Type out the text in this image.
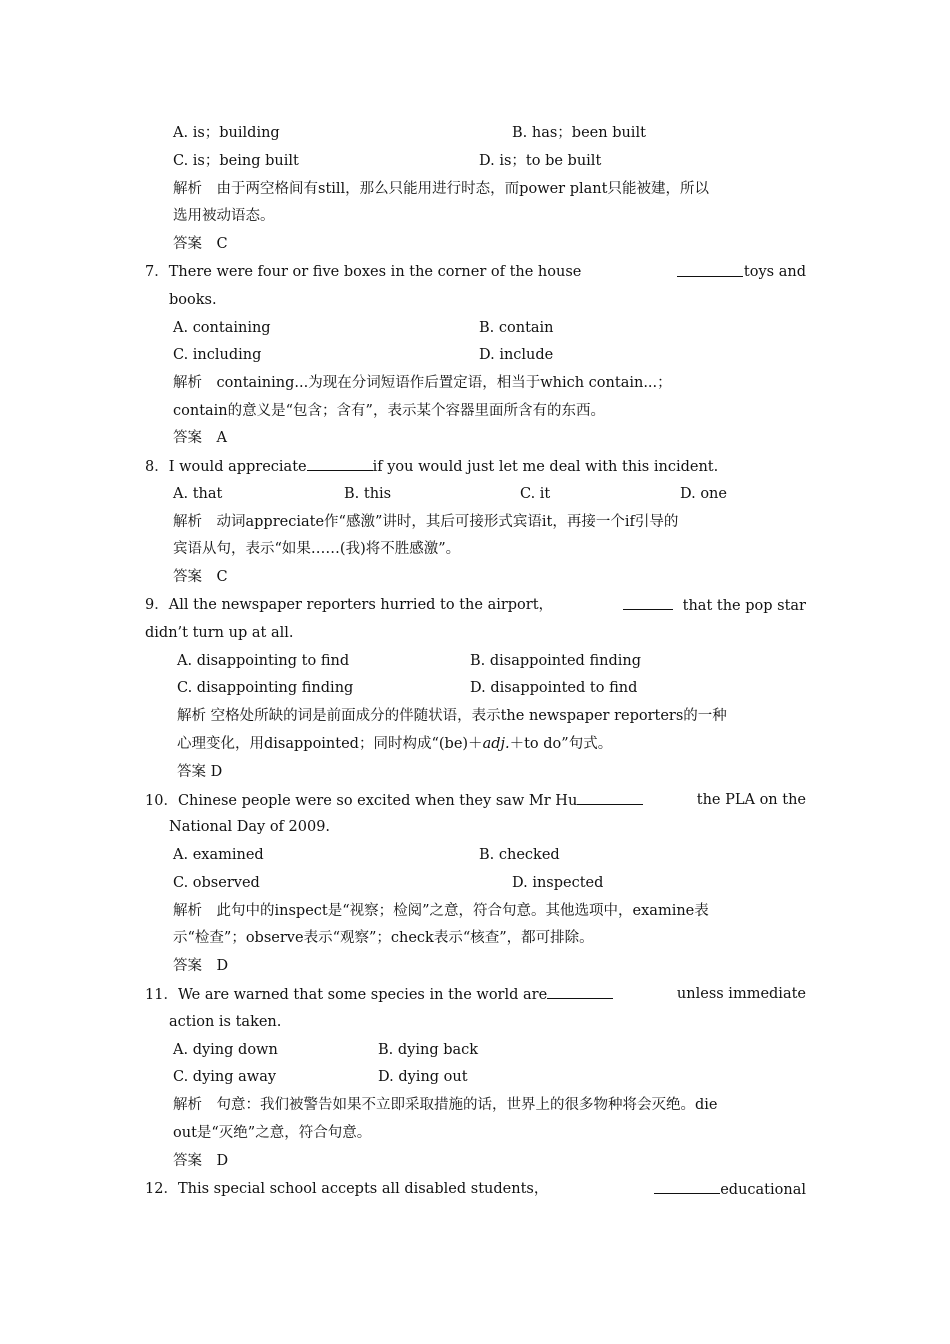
A. is；building	B. has；been built
C. is；being built	D. is；to be built
解析　由于两空格间有still，那么只能用进行时态，而power plant只能被建，所以
选用被动语态。
答案　C
7． There were four or five boxes in the corner of the house	toys and
books.
A. containing	B. contain
C. including	D. include
解析　containing...为现在分词短语作后置定语，相当于which contain...；
contain的意义是“包含；含有”，表示某个容器里面所含有的东西。
答案　A
8．I would appreciate	if you would just let me deal with this incident.
A. that	B. this	C. it	D. one
解析　动词appreciate作“感激”讲时，其后可接形式宾语it，再接一个if引导的
宾语从句，表示“如果……(我)将不胜感激”。
答案　C
9．All the newspaper reporters hurried to the airport，	that the pop star
didn’t turn up at all.
A. disappointing to find	B. disappointed finding
C. disappointing finding	D. disappointed to find
解析 空格处所缺的词是前面成分的伴随状语，表示the newspaper reporters的一种
心理变化，用disappointed；同时构成“(be)＋adj.＋to do”句式。
答案 D
10．Chinese people were so excited when they saw Mr Hu	the PLA on the
National Day of 2009.
A. examined	B. checked
C. observed	D. inspected
解析　此句中的inspect是“视察；检阅”之意，符合句意。其他选项中，examine表
示“检查”；observe表示“观察”；check表示“核查”，都可排除。
答案　D
11．We are warned that some species in the world are	unless immediate
action is taken.
A. dying down	B. dying back
C. dying away	D. dying out
解析　句意：我们被警告如果不立即采取措施的话，世界上的很多物种将会灭绝。die
out是“灭绝”之意，符合句意。
答案　D
12．This special school accepts all disabled students，	educational
